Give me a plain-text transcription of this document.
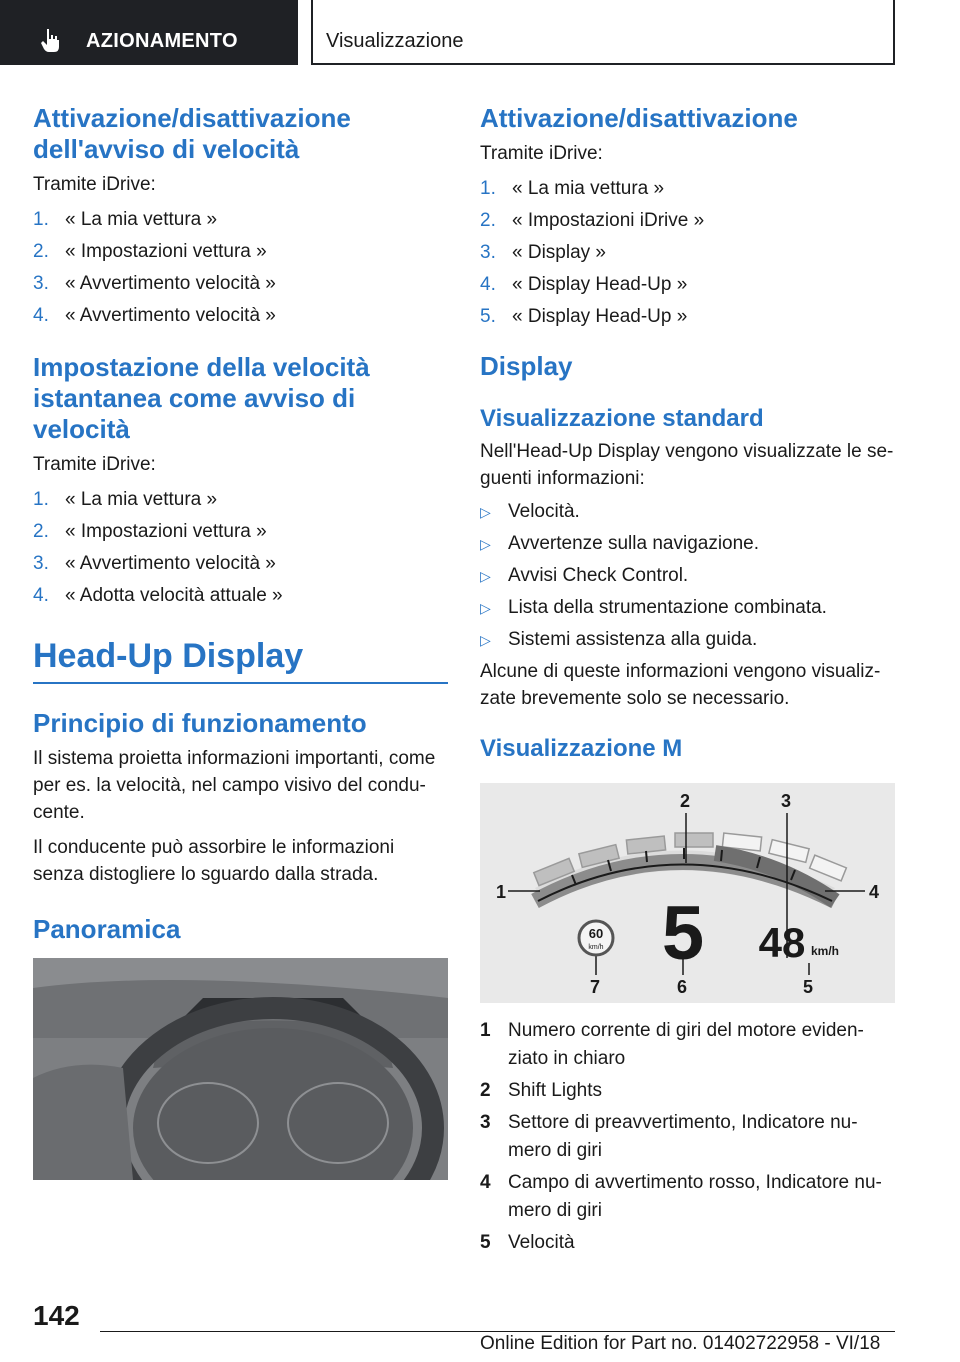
AZIONAMENTO	Visualizzazione
Attivazione/disattivazione dell'avviso di velocità
Tramite iDrive:
1. « La mia vettura »
2. « Impostazioni vettura »
3. « Avvertimento velocità »
4. « Avvertimento velocità »
Impostazione della velocità istantanea come avviso di velocità
Tramite iDrive:
1. « La mia vettura »
2. « Impostazioni vettura »
3. « Avvertimento velocità »
4. « Adotta velocità attuale »
Head-Up Display
Principio di funzionamento
Il sistema proietta informazioni importanti, come per es. la velocità, nel campo visivo del condu- cente.
Il conducente può assorbire le informazioni senza distogliere lo sguardo dalla strada.
Panoramica
Attivazione/disattivazione
Tramite iDrive:
1. « La mia vettura »
2. « Impostazioni iDrive »
3. « Display »
4. « Display Head-Up »
5. « Display Head-Up »
Display
Visualizzazione standard
Nell'Head-Up Display vengono visualizzate le se- guenti informazioni:
▷ Velocità.
▷ Avvertenze sulla navigazione.
▷ Avvisi Check Control.
▷ Lista della strumentazione combinata.
▷ Sistemi assistenza alla guida.
Alcune di queste informazioni vengono visualiz- zate brevemente solo se necessario.
Visualizzazione M
60
km/h 5 48 km/h
1
2	3
4
5
6
7
1 Numero corrente di giri del motore eviden- ziato in chiaro
2 Shift Lights
3 Settore di preavvertimento, Indicatore nu- mero di giri
4 Campo di avvertimento rosso, Indicatore nu- mero di giri
5 Velocità
142
Online Edition for Part no. 01402722958 - VI/18
